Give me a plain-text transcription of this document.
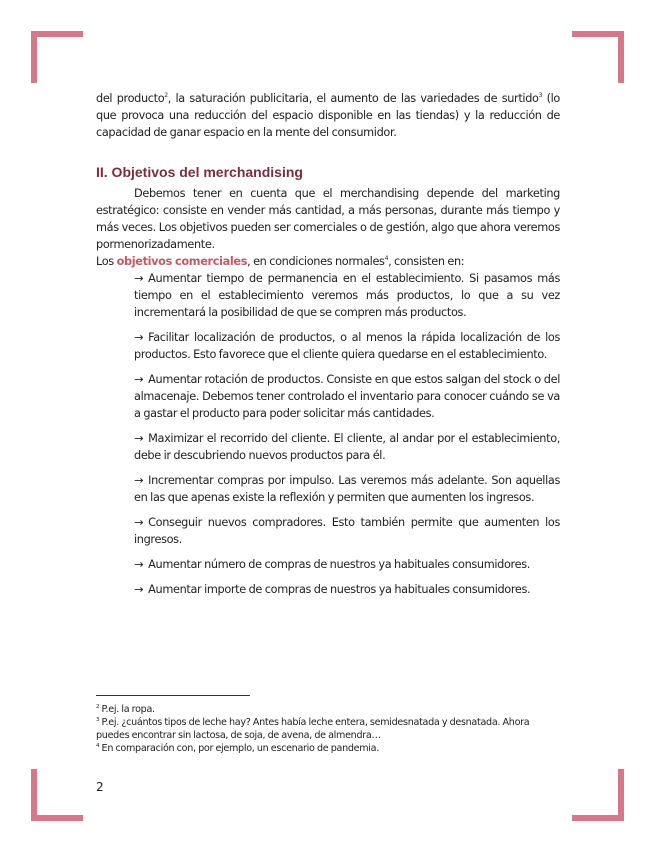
del producto$^2$, la saturación publicitaria, el aumento de las variedades de surtido$^3$ (lo que provoca una reducción del espacio disponible en las tiendas) y la reducción de capacidad de ganar espacio en la mente del consumidor.

II. Objetivos del merchandising

Debemos tener en cuenta que el merchandising depende del marketing estratégico: consiste en vender más cantidad, a más personas, durante más tiempo y más veces. Los objetivos pueden ser comerciales o de gestión, algo que ahora veremos pormenorizadamente.

Los objetivos comerciales, en condiciones normales$^4$, consisten en:

→ Aumentar tiempo de permanencia en el establecimiento. Si pasamos más tiempo en el establecimiento veremos más productos, lo que a su vez incrementará la posibilidad de que se compren más productos.

→ Facilitar localización de productos, o al menos la rápida localización de los productos. Esto favorece que el cliente quiera quedarse en el establecimiento.

→ Aumentar rotación de productos. Consiste en que estos salgan del stock o del almacenaje. Debemos tener controlado el inventario para conocer cuándo se va a gastar el producto para poder solicitar más cantidades.

→ Maximizar el recorrido del cliente. El cliente, al andar por el establecimiento, debe ir descubriendo nuevos productos para él.

→ Incrementar compras por impulso. Las veremos más adelante. Son aquellas en las que apenas existe la reflexión y permiten que aumenten los ingresos.

→ Conseguir nuevos compradores. Esto también permite que aumenten los ingresos.

→ Aumentar número de compras de nuestros ya habituales consumidores.

→ Aumentar importe de compras de nuestros ya habituales consumidores.

$^2$ P.ej. la ropa.

$^3$ P.ej. ¿cuántos tipos de leche hay? Antes había leche entera, semidesnatada y desnatada. Ahora puedes encontrar sin lactosa, de soja, de avena, de almendra…

$^4$ En comparación con, por ejemplo, un escenario de pandemia.

2
